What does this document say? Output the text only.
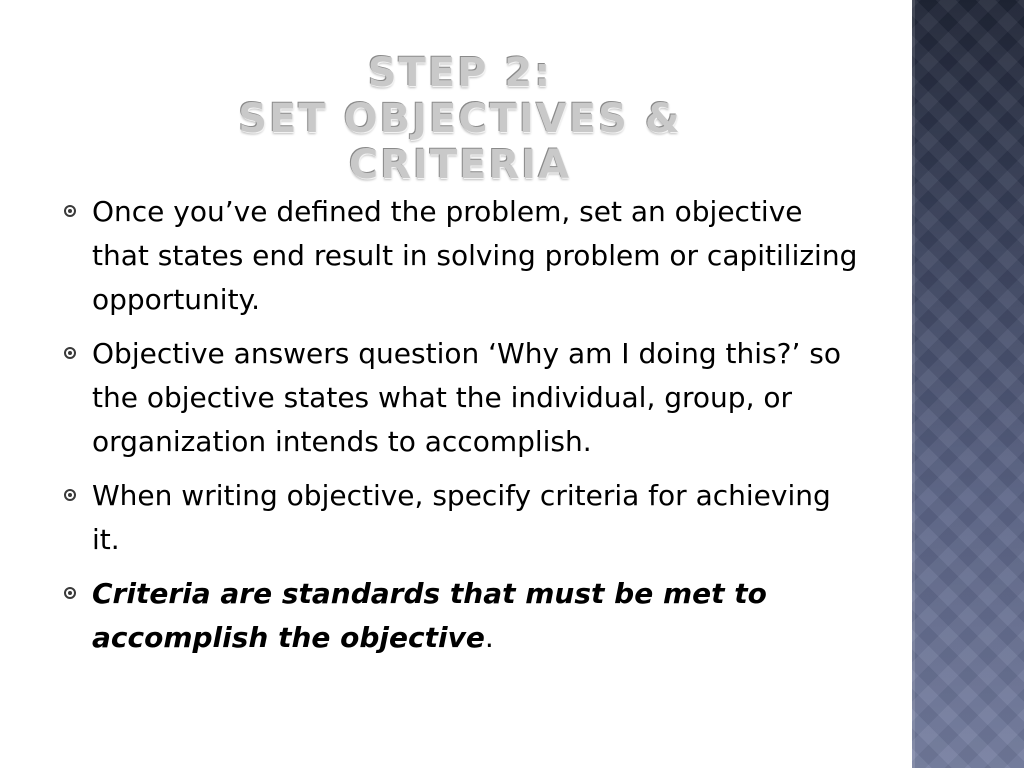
STEP 2:
SET OBJECTIVES & CRITERIA
Once you’ve defined the problem, set an objective that states end result in solving problem or capitilizing opportunity.
Objective answers question ‘Why am I doing this?’ so the objective states what the individual, group, or organization intends to accomplish.
When writing objective, specify criteria for achieving it.
Criteria are standards that must be met to accomplish the objective.
